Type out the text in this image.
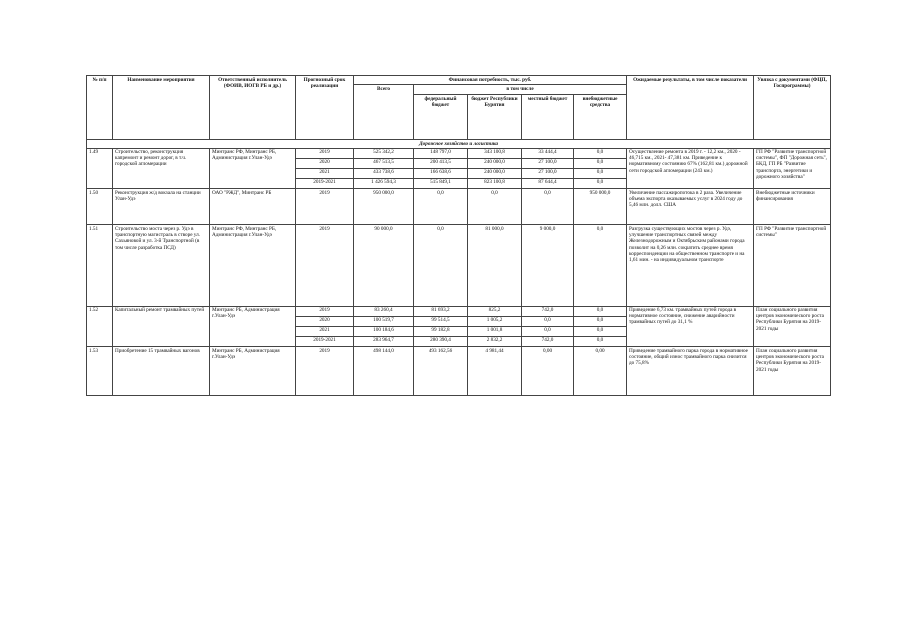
№ п/п	Наименование мероприятия	Ответственный исполнитель (ФОИВ, ИОГВ РБ и др.)	Прогнозный срок реализации	Финансовая потребность, тыс. руб.					Ожидаемые результаты, в том числе показатели	Увязка с документами (ФЦП, Госпрограммы)
				Всего	в том числе					
					федеральный бюджет	бюджет Республики Бурятия	местный бюджет	внебюджетные средства		
Дорожное хозяйство и логистика										
1.49	Строительство, реконструкция капремонт и ремонт дорог, в т.ч. городской агломерации	Минтранс РФ, Минтранс РБ, Администрация г.Улан-Удэ	2019	525 342,2	148 797,0	343 100,8	33 444,4	0,0	Осуществление ремонта в 2019 г. - 12,2 км., 2020 - 46,715 км., 2021- 47,381 км. Приведение к нормативному состоянию 67% (162,81 км.) дорожной сети городской агломерации (243 км.)	ГП РФ "Развитие транспортной системы", ФП "Дорожная сеть", БКД, ГП РБ "Развитие транспорта, энергетики и дорожного хозяйства"
			2020	467 513,5	200 413,5	240 000,0	27 100,0	0,0		
			2021	433 738,6	166 638,6	240 000,0	27 100,0	0,0		
			2019-2021	1 426 594,3	515 849,1	823 100,8	87 644,4	0,0		
1.50	Реконструкция ж/д вокзала на станции Улан-Удэ	ОАО "РЖД", Минтранс РБ	2019	950 000,0	0,0	0,0	0,0	950 000,0	Увеличение пассажиропотока в 2 раза. Увеличение объема экспорта оказываемых услуг в 2024 году до 5,46 млн. долл. США	Внебюджетные источники финансирования
1.51	Строительство моста через р. Удэ в транспортную магистраль в створе ул. Сахьяновой и ул. 3-й Транспортной (в том числе разработка ПСД)	Минтранс РФ, Минтранс РБ, Администрация г.Улан-Удэ	2019	90 000,0	0,0	81 000,0	9 000,0	0,0	Разгрузка существующих мостов через р. Удэ, улучшение транспортных связей между Железнодорожным и Октябрьским районами города позволит на 0,26 млн. сократить среднее время корреспонденции на общественном транспорте и на 1,61 мин. - на индивидуальном транспорте	ГП РФ "Развитие транспортной системы"
1.52	Капитальный ремонт трамвайных путей	Минтранс РБ, Администрация г.Улан-Удэ	2019	83 260,4	81 693,2	825,2	742,0	0,0	Приведение 6,73 км. трамвайных путей города в нормативное состояние, снижение аварийности трамвайных путей до 31,1 %	План социального развития центров экономического роста Республики Бурятия на 2019-2021 годы
			2020	100 519,7	99 514,5	1 005,2	0,0	0,0		
			2021	100 184,6	99 182,8	1 001,8	0,0	0,0		
			2019-2021	283 964,7	280 390,4	2 832,2	742,0	0,0		
1.53	Приобретение 15 трамвайных вагонов	Минтранс РБ, Администрация г.Улан-Удэ	2019	498 144,0	493 162,56	4 981,44	0,00	0,00	Приведение трамвайного парка города в нормативное состояние, общий износ трамвайного парка снизится до 75,8%	План социального развития центров экономического роста Республики Бурятия на 2019-2021 годы
